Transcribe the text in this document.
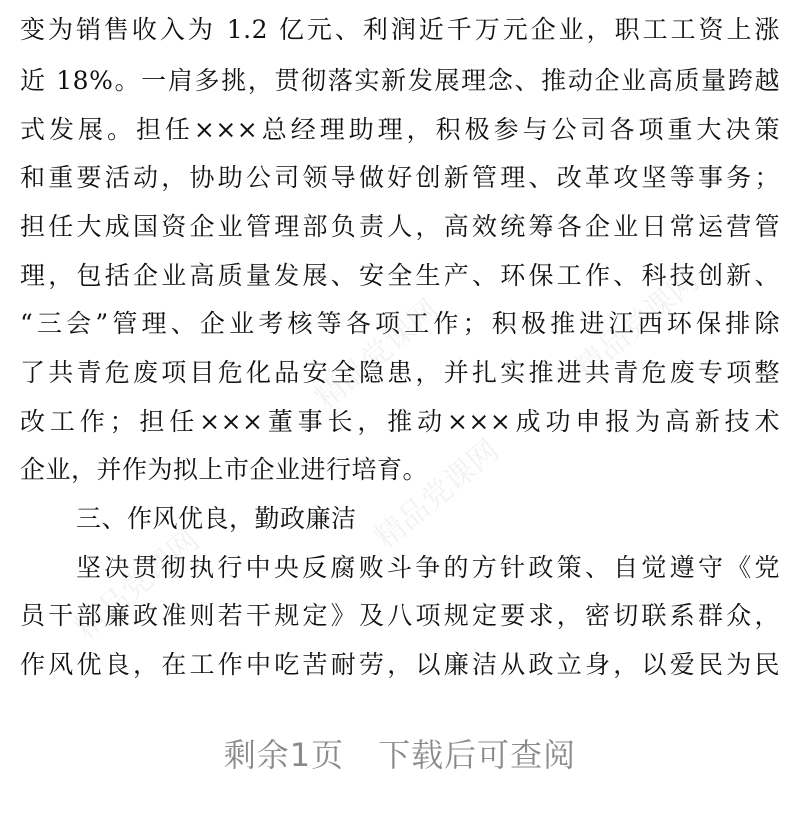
精品党课网
精品党课网
精品党课网
精品党课网
变为销售收入为 1.2 亿元、利润近千万元企业，职工工资上涨
近 18%。一肩多挑，贯彻落实新发展理念、推动企业高质量跨越
式发展。担任×××总经理助理，积极参与公司各项重大决策
和重要活动，协助公司领导做好创新管理、改革攻坚等事务；
担任大成国资企业管理部负责人，高效统筹各企业日常运营管
理，包括企业高质量发展、安全生产、环保工作、科技创新、
“三会”管理、企业考核等各项工作；积极推进江西环保排除
了共青危废项目危化品安全隐患，并扎实推进共青危废专项整
改工作；担任×××董事长，推动×××成功申报为高新技术
企业，并作为拟上市企业进行培育。
三、作风优良，勤政廉洁
坚决贯彻执行中央反腐败斗争的方针政策、自觉遵守《党
员干部廉政准则若干规定》及八项规定要求，密切联系群众，
作风优良，在工作中吃苦耐劳，以廉洁从政立身，以爱民为民
剩余1页 下载后可查阅
